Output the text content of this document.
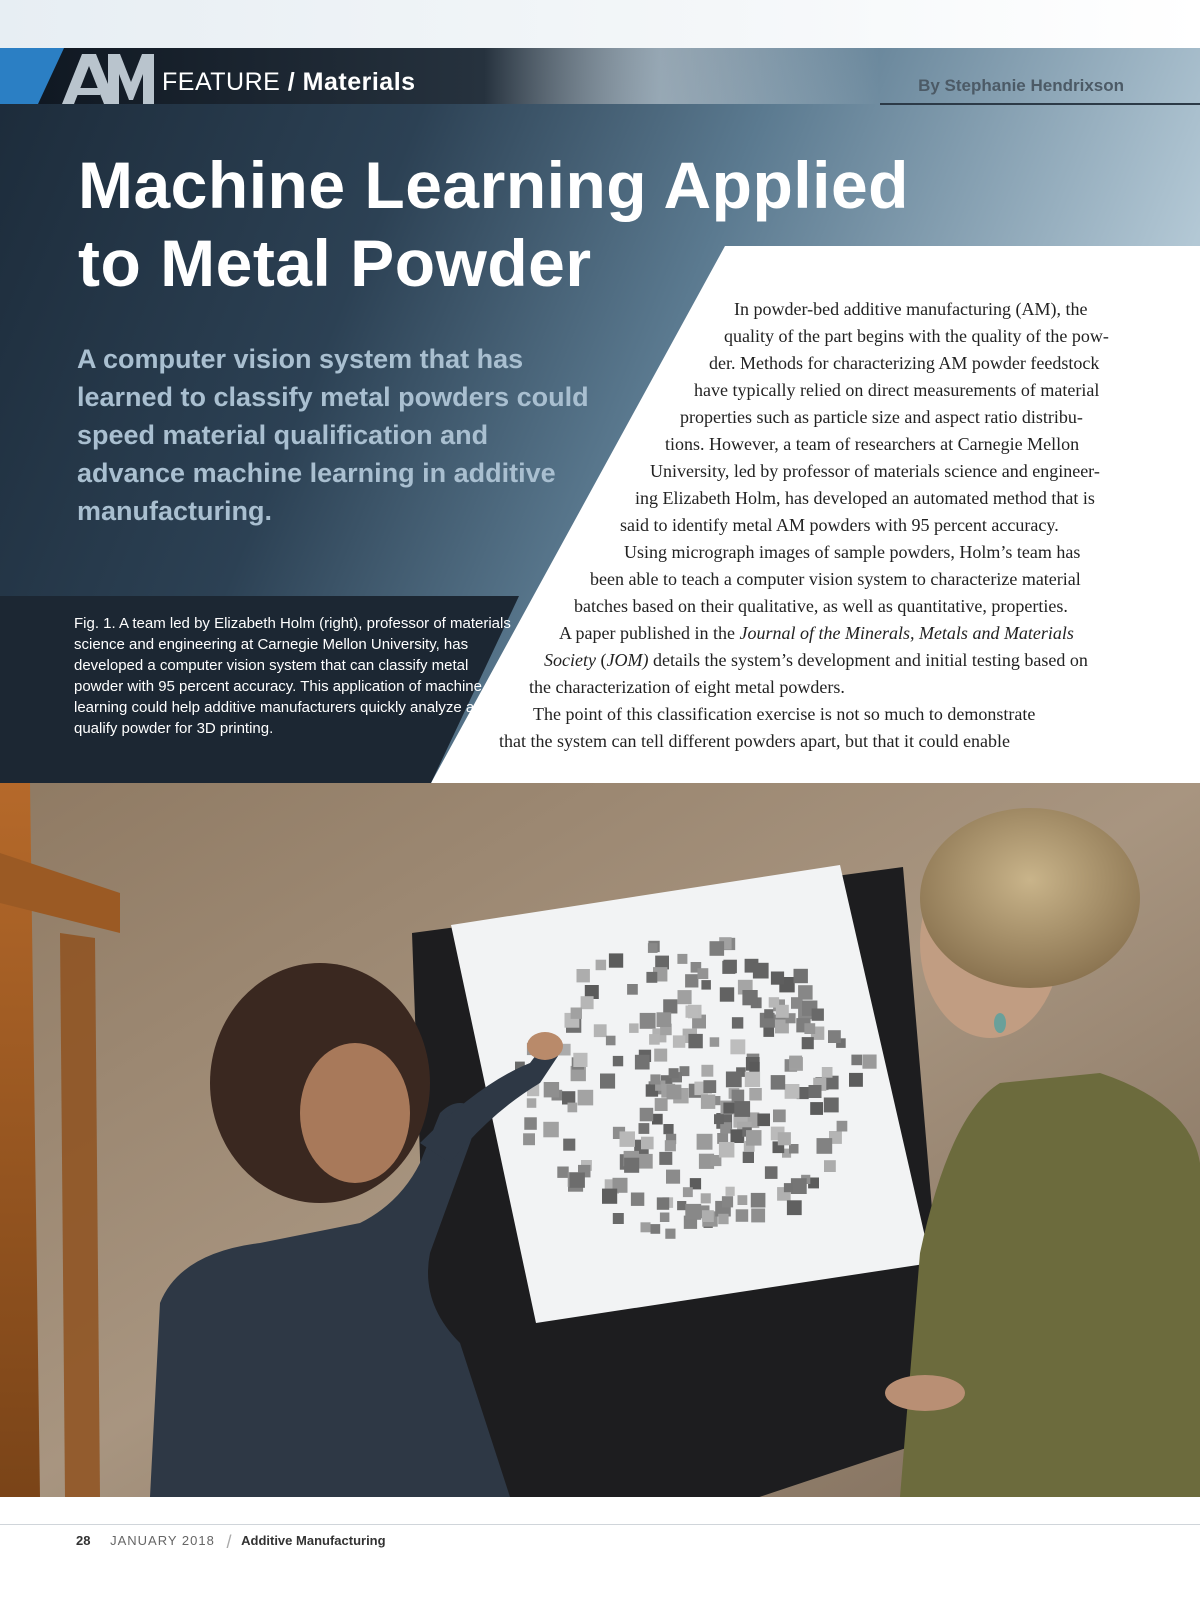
FEATURE / Materials	By Stephanie Hendrixson
Machine Learning Applied
to Metal Powder

A computer vision system that has learned to classify metal powders could speed material qualification and advance machine learning in additive manufacturing.

Fig. 1. A team led by Elizabeth Holm (right), professor of materials science and engineering at Carnegie Mellon University, has developed a computer vision system that can classify metal powder with 95 percent accuracy. This application of machine learning could help additive manufacturers quickly analyze and qualify powder for 3D printing.

In powder-bed additive manufacturing (AM), the

quality of the part begins with the quality of the pow-

der. Methods for characterizing AM powder feedstock

have typically relied on direct measurements of material

properties such as particle size and aspect ratio distribu-

tions. However, a team of researchers at Carnegie Mellon

University, led by professor of materials science and engineer-

ing Elizabeth Holm, has developed an automated method that is

said to identify metal AM powders with 95 percent accuracy.

Using micrograph images of sample powders, Holm’s team has

been able to teach a computer vision system to characterize material

batches based on their qualitative, as well as quantitative, properties.

A paper published in the Journal of the Minerals, Metals and Materials

Society (JOM) details the system’s development and initial testing based on

the characterization of eight metal powders.

The point of this classification exercise is not so much to demonstrate

that the system can tell different powders apart, but that it could enable

28 JANUARY 2018 / Additive Manufacturing
